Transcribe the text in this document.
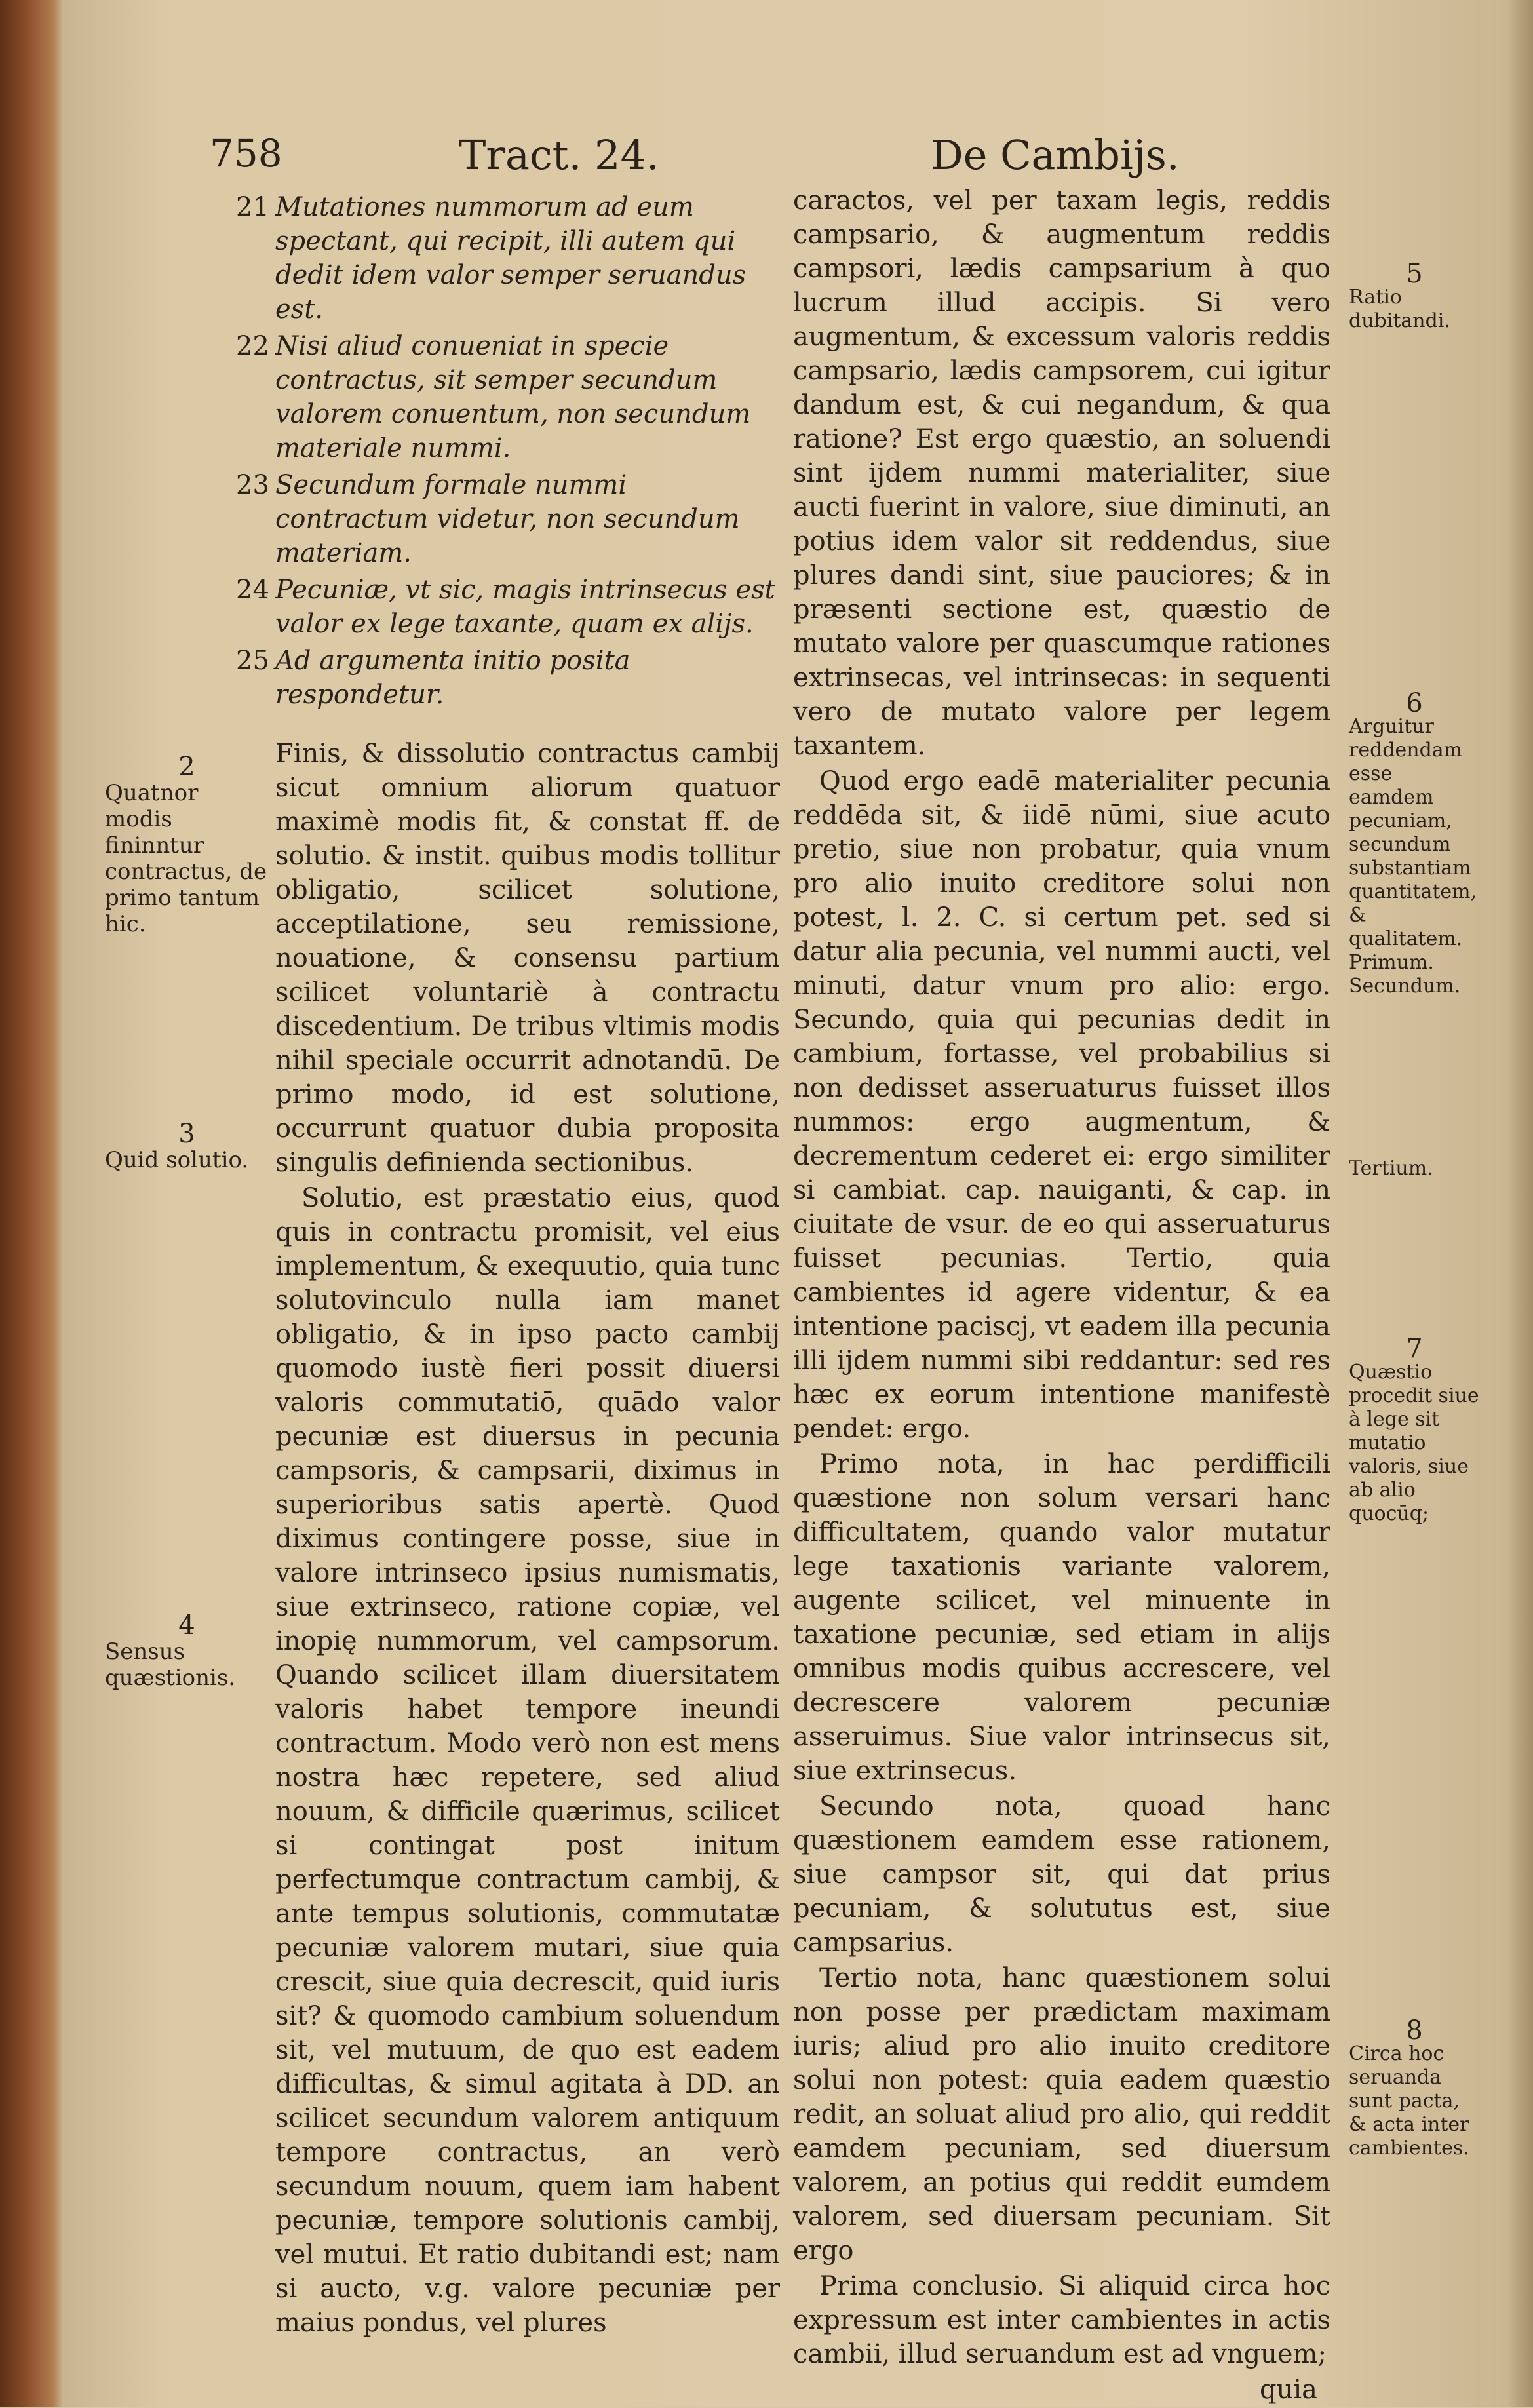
758	Tract. 24.	De Cambijs.
21 Mutationes nummorum ad eum spectant, qui recipit, illi autem qui dedit idem valor semper seruandus est.
22 Nisi aliud conueniat in specie contractus, sit semper secundum valorem conuentum, non secundum materiale nummi.
23 Secundum formale nummi contractum videtur, non secundum materiam.
24 Pecuniæ, vt sic, magis intrinsecus est valor ex lege taxante, quam ex alijs.
25 Ad argumenta initio posita respondetur.

Finis, & dissolutio contractus cambij sicut omnium aliorum quatuor maximè modis fit, & constat ff. de solutio. & instit. quibus modis tollitur obligatio, scilicet solutione, acceptilatione, seu remissione, nouatione, & consensu partium scilicet voluntariè à contractu discedentium. De tribus vltimis modis nihil speciale occurrit adnotandū. De primo modo, id est solutione, occurrunt quatuor dubia proposita singulis definienda sectionibus.

Solutio, est præstatio eius, quod quis in contractu promisit, vel eius implementum, & exequutio, quia tunc solutovinculo nulla iam manet obligatio, & in ipso pacto cambij quomodo iustè fieri possit diuersi valoris commutatiō, quādo valor pecuniæ est diuersus in pecunia campsoris, & campsarii, diximus in superioribus satis apertè. Quod diximus contingere posse, siue in valore intrinseco ipsius numismatis, siue extrinseco, ratione copiæ, vel inopię nummorum, vel campsorum. Quando scilicet illam diuersitatem valoris habet tempore ineundi contractum. Modo verò non est mens nostra hæc repetere, sed aliud nouum, & difficile quærimus, scilicet si contingat post initum perfectumque contractum cambij, & ante tempus solutionis, commutatæ pecuniæ valorem mutari, siue quia crescit, siue quia decrescit, quid iuris sit? & quomodo cambium soluendum sit, vel mutuum, de quo est eadem difficultas, & simul agitata à DD. an scilicet secundum valorem antiquum tempore contractus, an verò secundum nouum, quem iam habent pecuniæ, tempore solutionis cambij, vel mutui. Et ratio dubitandi est; nam si aucto, v.g. valore pecuniæ per maius pondus, vel plures

caractos, vel per taxam legis, reddis campsario, & augmentum reddis campsori, lædis campsarium à quo lucrum illud accipis. Si vero augmentum, & excessum valoris reddis campsario, lædis campsorem, cui igitur dandum est, & cui negandum, & qua ratione? Est ergo quæstio, an soluendi sint ijdem nummi materialiter, siue aucti fuerint in valore, siue diminuti, an potius idem valor sit reddendus, siue plures dandi sint, siue pauciores; & in præsenti sectione est, quæstio de mutato valore per quascumque rationes extrinsecas, vel intrinsecas: in sequenti vero de mutato valore per legem taxantem.

Quod ergo eadē materialiter pecunia reddēda sit, & iidē nūmi, siue acuto pretio, siue non probatur, quia vnum pro alio inuito creditore solui non potest, l. 2. C. si certum pet. sed si datur alia pecunia, vel nummi aucti, vel minuti, datur vnum pro alio: ergo. Secundo, quia qui pecunias dedit in cambium, fortasse, vel probabilius si non dedisset asseruaturus fuisset illos nummos: ergo augmentum, & decrementum cederet ei: ergo similiter si cambiat. cap. nauiganti, & cap. in ciuitate de vsur. de eo qui asseruaturus fuisset pecunias. Tertio, quia cambientes id agere videntur, & ea intentione paciscj, vt eadem illa pecunia illi ijdem nummi sibi reddantur: sed res hæc ex eorum intentione manifestè pendet: ergo.

Primo nota, in hac perdifficili quæstione non solum versari hanc difficultatem, quando valor mutatur lege taxationis variante valorem, augente scilicet, vel minuente in taxatione pecuniæ, sed etiam in alijs omnibus modis quibus accrescere, vel decrescere valorem pecuniæ asseruimus. Siue valor intrinsecus sit, siue extrinsecus.

Secundo nota, quoad hanc quæstionem eamdem esse rationem, siue campsor sit, qui dat prius pecuniam, & solututus est, siue campsarius.

Tertio nota, hanc quæstionem solui non posse per prædictam maximam iuris; aliud pro alio inuito creditore solui non potest: quia eadem quæstio redit, an soluat aliud pro alio, qui reddit eamdem pecuniam, sed diuersum valorem, an potius qui reddit eumdem valorem, sed diuersam pecuniam. Sit ergo

Prima conclusio. Si aliquid circa hoc expressum est inter cambientes in actis cambii, illud seruandum est ad vnguem;

quia

2
Quatnor modis fininntur contractus, de primo tantum hic.
3
Quid solutio.
4
Sensus quæstionis.
5
Ratio dubitandi.
6
Arguitur reddendam esse eamdem pecuniam, secundum substantiam quantitatem, & qualitatem. Primum. Secundum.
Tertium.
7
Quæstio procedit siue à lege sit mutatio valoris, siue ab alio quocūq;
8
Circa hoc seruanda sunt pacta, & acta inter cambientes.
